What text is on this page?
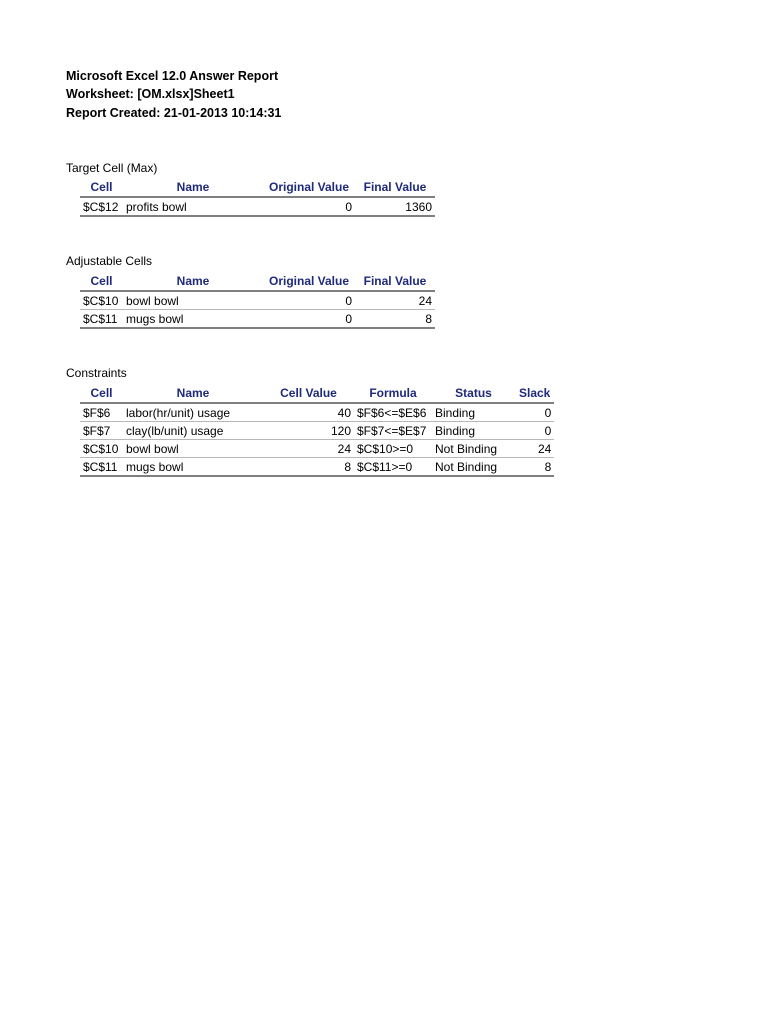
Microsoft Excel 12.0 Answer Report
Worksheet: [OM.xlsx]Sheet1
Report Created: 21-01-2013 10:14:31
Target Cell (Max)
Cell	Name	Original Value	Final Value
$C$12	profits bowl	0	1360
Adjustable Cells
Cell	Name	Original Value	Final Value
$C$10	bowl bowl	0	24
$C$11	mugs bowl	0	8
Constraints
Cell	Name	Cell Value	Formula	Status	Slack
$F$6	labor(hr/unit) usage	40	$F$6<=$E$6	Binding	0
$F$7	clay(lb/unit) usage	120	$F$7<=$E$7	Binding	0
$C$10	bowl bowl	24	$C$10>=0	Not Binding	24
$C$11	mugs bowl	8	$C$11>=0	Not Binding	8
